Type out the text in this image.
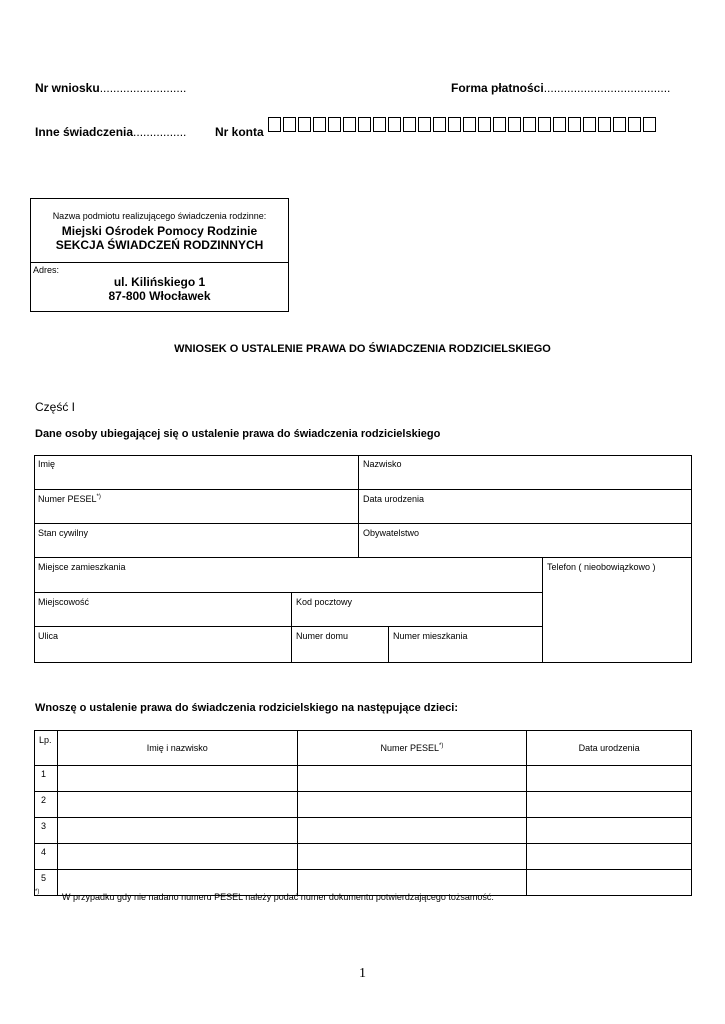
Nr wniosku..........................	Forma płatności......................................
Inne świadczenia................ Nr konta
Nazwa podmiotu realizującego świadczenia rodzinne:
Miejski Ośrodek Pomocy Rodzinie
SEKCJA ŚWIADCZEŃ RODZINNYCH
Adres:
ul. Kilińskiego 1
87-800 Włocławek
WNIOSEK O USTALENIE PRAWA DO ŚWIADCZENIA RODZICIELSKIEGO
Część I
Dane osoby ubiegającej się o ustalenie prawa do świadczenia rodzicielskiego
Imię	Nazwisko
Numer PESEL*)	Data urodzenia
Stan cywilny	Obywatelstwo
Miejsce zamieszkania	Telefon ( nieobowiązkowo )
Miejscowość	Kod pocztowy
Ulica	Numer domu	Numer mieszkania
Wnoszę o ustalenie prawa do świadczenia rodzicielskiego na następujące dzieci:
Lp.	Imię i nazwisko	Numer PESEL*)	Data urodzenia
1			
2			
3			
4			
5			
*)	W przypadku gdy nie nadano numeru PESEL należy podać numer dokumentu potwierdzającego tożsamość.
1
